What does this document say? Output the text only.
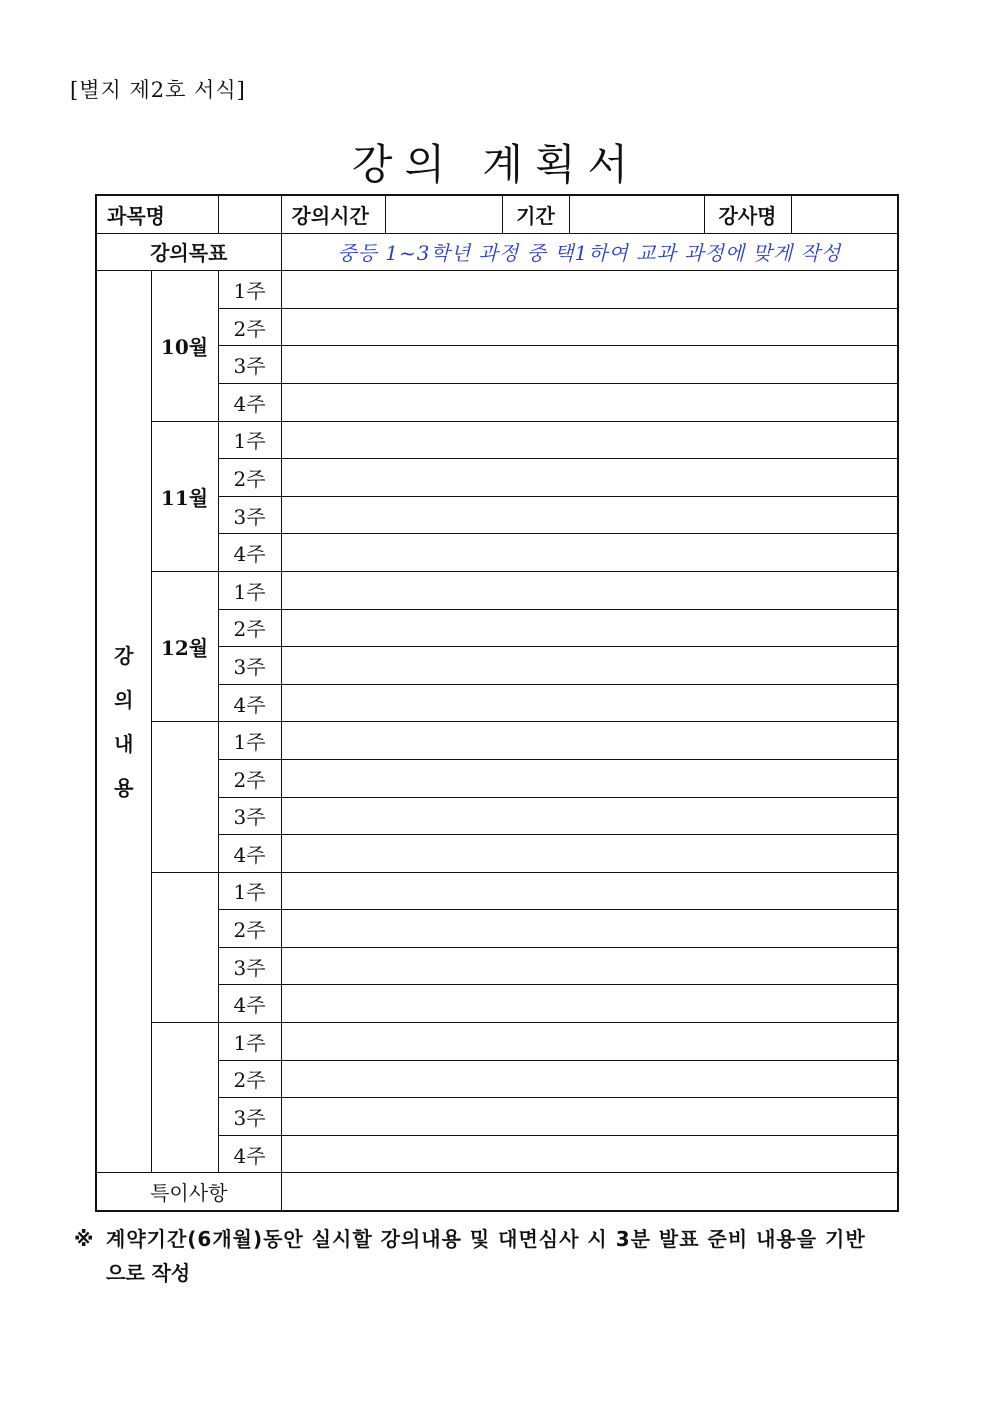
[별지 제2호 서식]
강의 계획서
과목명			강의시간		기간		강사명	
강의목표			중등 1~3학년 과정 중 택1하여 교과 과정에 맞게 작성					

강
의
내
용	10월	1주						
		2주						
		3주						
		4주						
	11월	1주						
		2주						
		3주						
		4주						
	12월	1주						
		2주						
		3주						
		4주						
		1주						
		2주						
		3주						
		4주						
		1주						
		2주						
		3주						
		4주						
		1주						
		2주						
		3주						
		4주						
특이사항								
※ 계약기간(6개월)동안 실시할 강의내용 및 대면심사 시 3분 발표 준비 내용을 기반
으로 작성
